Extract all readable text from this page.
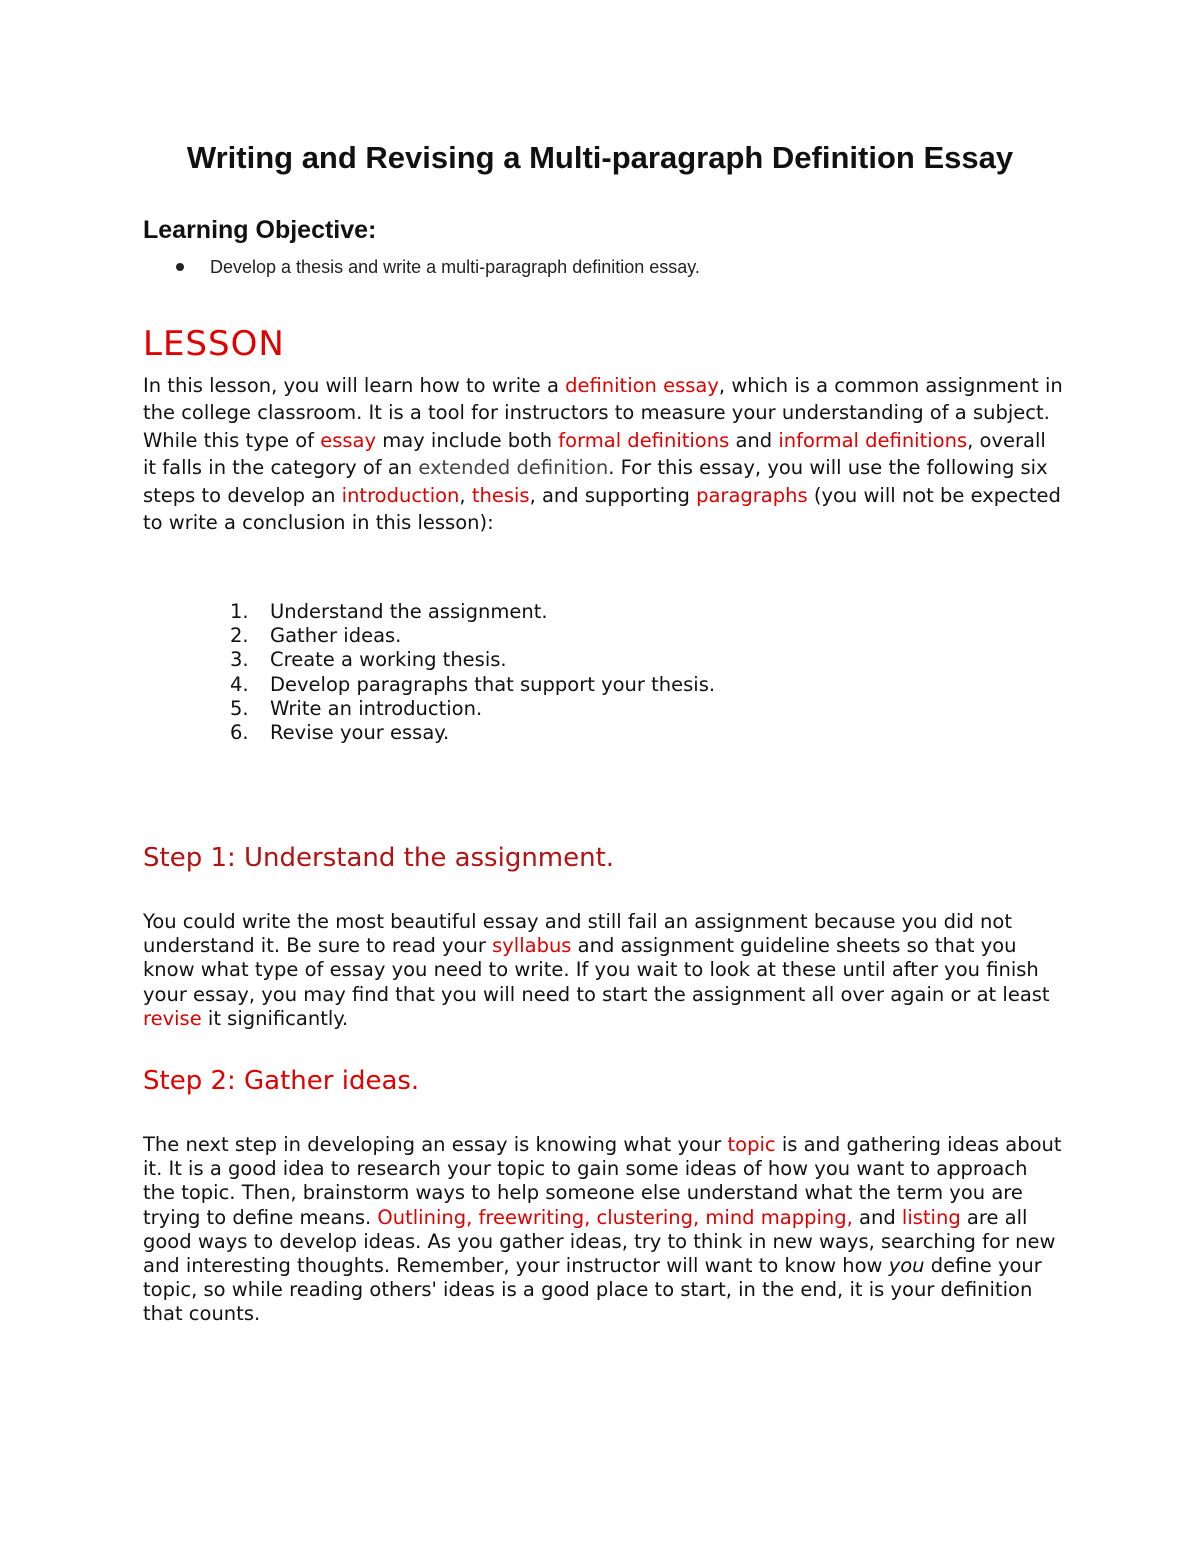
Writing and Revising a Multi-paragraph Definition Essay
Learning Objective:
Develop a thesis and write a multi-paragraph definition essay.
LESSON

In this lesson, you will learn how to write a definition essay, which is a common assignment in the college classroom. It is a tool for instructors to measure your understanding of a subject. While this type of essay may include both formal definitions and informal definitions, overall it falls in the category of an extended definition. For this essay, you will use the following six steps to develop an introduction, thesis, and supporting paragraphs (you will not be expected to write a conclusion in this lesson):

1. Understand the assignment.
2. Gather ideas.
3. Create a working thesis.
4. Develop paragraphs that support your thesis.
5. Write an introduction.
6. Revise your essay.
Step 1: Understand the assignment.

You could write the most beautiful essay and still fail an assignment because you did not understand it. Be sure to read your syllabus and assignment guideline sheets so that you know what type of essay you need to write. If you wait to look at these until after you finish your essay, you may find that you will need to start the assignment all over again or at least revise it significantly.

Step 2: Gather ideas.

The next step in developing an essay is knowing what your topic is and gathering ideas about it. It is a good idea to research your topic to gain some ideas of how you want to approach the topic. Then, brainstorm ways to help someone else understand what the term you are trying to define means. Outlining, freewriting, clustering, mind mapping, and listing are all good ways to develop ideas. As you gather ideas, try to think in new ways, searching for new and interesting thoughts. Remember, your instructor will want to know how you define your topic, so while reading others' ideas is a good place to start, in the end, it is your definition that counts.
